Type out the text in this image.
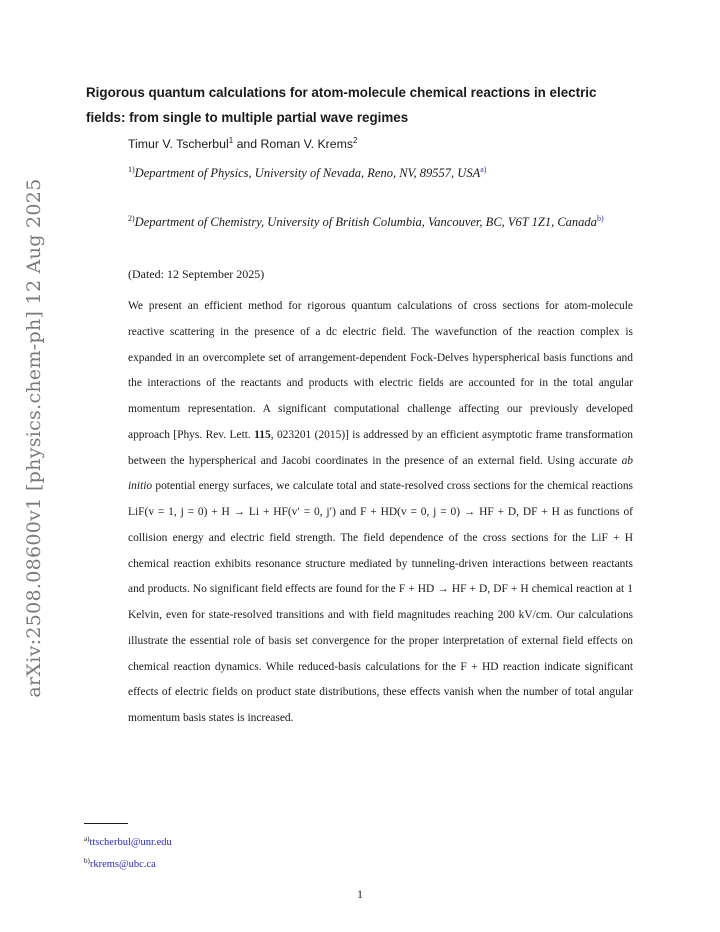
arXiv:2508.08600v1 [physics.chem-ph] 12 Aug 2025
Rigorous quantum calculations for atom-molecule chemical reactions in electric fields: from single to multiple partial wave regimes
Timur V. Tscherbul$^1$ and Roman V. Krems$^2$
$^{1)}$Department of Physics, University of Nevada, Reno, NV, 89557, USA$^{a)}$
$^{2)}$Department of Chemistry, University of British Columbia, Vancouver, BC, V6T 1Z1, Canada$^{b)}$
(Dated: 12 September 2025)

We present an efficient method for rigorous quantum calculations of cross sections for atom-molecule reactive scattering in the presence of a dc electric field. The wavefunction of the reaction complex is expanded in an overcomplete set of arrangement-dependent Fock-Delves hyperspherical basis functions and the interactions of the reactants and products with electric fields are accounted for in the total angular momentum representation. A significant computational challenge affecting our previously developed approach [Phys. Rev. Lett. 115, 023201 (2015)] is addressed by an efficient asymptotic frame transformation between the hyperspherical and Jacobi coordinates in the presence of an external field. Using accurate ab initio potential energy surfaces, we calculate total and state-resolved cross sections for the chemical reactions LiF(v = 1, j = 0) + H → Li + HF(v′ = 0, j′) and F + HD(v = 0, j = 0) → HF + D, DF + H as functions of collision energy and electric field strength. The field dependence of the cross sections for the LiF + H chemical reaction exhibits resonance structure mediated by tunneling-driven interactions between reactants and products. No significant field effects are found for the F + HD → HF + D, DF + H chemical reaction at 1 Kelvin, even for state-resolved transitions and with field magnitudes reaching 200 kV/cm. Our calculations illustrate the essential role of basis set convergence for the proper interpretation of external field effects on chemical reaction dynamics. While reduced-basis calculations for the F + HD reaction indicate significant effects of electric fields on product state distributions, these effects vanish when the number of total angular momentum basis states is increased.

$^{a)}$ttscherbul@unr.edu
$^{b)}$rkrems@ubc.ca
1
